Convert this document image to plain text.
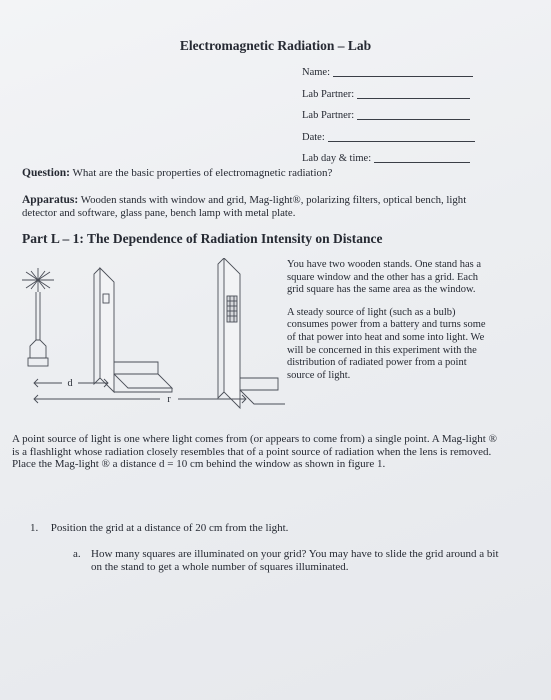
Electromagnetic Radiation – Lab
Name:
Lab Partner:
Lab Partner:
Date:
Lab day & time:
Question: What are the basic properties of electromagnetic radiation?
Apparatus: Wooden stands with window and grid, Mag-light®, polarizing filters, optical bench, light detector and software, glass pane, bench lamp with metal plate.
Part L – 1: The Dependence of Radiation Intensity on Distance
d
r

You have two wooden stands. One stand has a square window and the other has a grid. Each grid square has the same area as the window.

A steady source of light (such as a bulb) consumes power from a battery and turns some of that power into heat and some into light. We will be concerned in this experiment with the distribution of radiated power from a point source of light.

A point source of light is one where light comes from (or appears to come from) a single point. A Mag-light ® is a flashlight whose radiation closely resembles that of a point source of radiation when the lens is removed. Place the Mag-light ® a distance d = 10 cm behind the window as shown in figure 1.
1. Position the grid at a distance of 20 cm from the light.
a. How many squares are illuminated on your grid? You may have to slide the grid around a bit on the stand to get a whole number of squares illuminated.
